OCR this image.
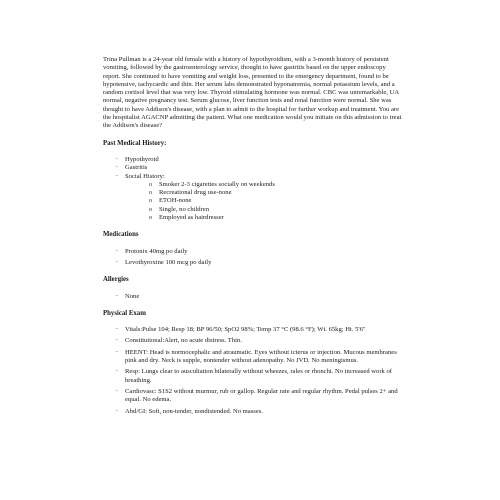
Trina Pullman is a 24-year old female with a history of hypothyroidism, with a 3-month history of persistent vomiting, followed by the gastroenterology service, thought to have gastritis based on the upper endoscopy report. She continued to have vomiting and weight loss, presented to the emergency department, found to be hypotensive, tachycardic and thin. Her serum labs demonstrated hyponatremia, normal potassium levels, and a random cortisol level that was very low. Thyroid stimulating hormone was normal. CBC was unremarkable, UA normal, negative pregnancy test. Serum glucose, liver function tests and renal function were normal. She was thought to have Addison's disease, with a plan to admit to the hospital for further workup and treatment. You are the hospitalist AGACNP admitting the patient. What one medication would you initiate on this admission to treat the Addison's disease?

Past Medical History:
- Hypothyroid
- Gastritis
- Social History:
o Smoker 2-3 cigarettes socially on weekends
o Recreational drug use-none
o ETOH-none
o Single, no children
o Employed as hairdresser
Medications
- Protonix 40mg po daily
- Levothyroxine 100 mcg po daily
Allergies
- None
Physical Exam
- Vitals:Pulse 104; Resp 18; BP 96/50; SpO2 98%; Temp 37 °C (98.6 °F); Wt. 65kg; Ht. 5'6"
- Constitutional:Alert, no acute distress. Thin.
- HEENT: Head is normocephalic and atraumatic. Eyes without icterus or injection. Mucous membranes pink and dry. Neck is supple, nontender without adenopathy. No JVD. No meningismus.
- Resp: Lungs clear to auscultation bilaterally without wheezes, rales or rhonchi. No increased work of breathing.
- Cardiovasc: S1S2 without murmur, rub or gallop. Regular rate and regular rhythm. Pedal pulses 2+ and equal. No edema.
- Abd/GI: Soft, non-tender, nondistended. No masses.
